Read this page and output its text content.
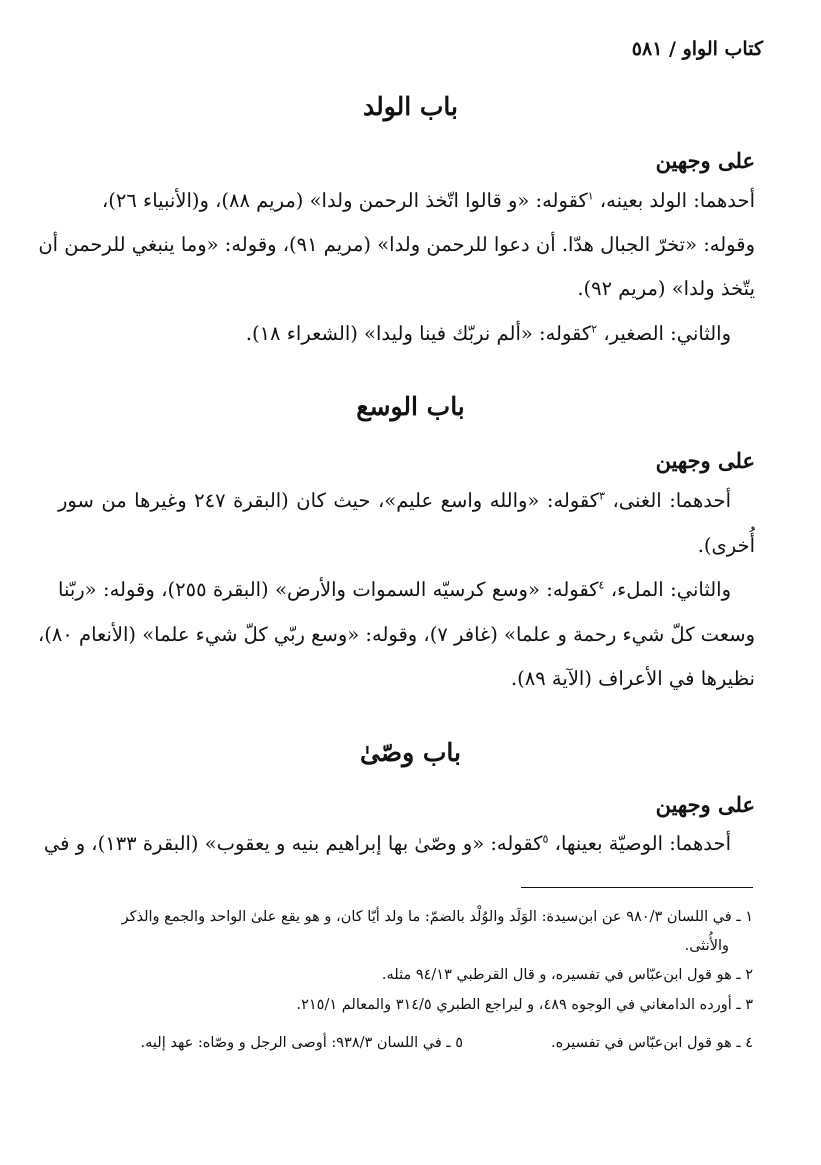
كتاب الواو / ٥٨١
باب الولد
على وجهين
أحدهما: الولد بعينه، $^١$كقوله: «و قالوا اتّخذ الرحمن ولدا» (مريم ٨٨)، و(الأنبياء ٢٦)،
وقوله: «تخرّ الجبال هدّا. أن دعوا للرحمن ولدا» (مريم ٩١)، وقوله: «وما ينبغي للرحمن أن
يتّخذ ولدا» (مريم ٩٢).
والثاني: الصغير، $^٢$كقوله: «ألم نربّك فينا وليدا» (الشعراء ١٨).
باب الوسع
على وجهين
أحدهما: الغنى، $^٣$كقوله: «والله واسع عليم»، حيث كان (البقرة ٢٤٧ وغيرها من سور
أُخرى).
والثاني: الملء، $^٤$كقوله: «وسع كرسيّه السموات والأرض» (البقرة ٢٥٥)، وقوله: «ربّنا
وسعت كلّ شيء رحمة و علما» (غافر ٧)، وقوله: «وسع ربّي كلّ شيء علما» (الأنعام ٨٠)،
نظيرها في الأعراف (الآية ٨٩).
باب وصّىٰ
على وجهين
أحدهما: الوصيّة بعينها، $^٥$كقوله: «و وصّىٰ بها إبراهيم بنيه و يعقوب» (البقرة ١٣٣)، و في
١ ـ في اللسان ٩٨٠/٣ عن ابن‌سيدة: الوَلَد والوُلْد بالضمّ: ما ولد أيّا كان، و هو يقع علىٰ الواحد والجمع والذكر
والأُنثى.
٢ ـ هو قول ابن‌عبّاس في تفسيره، و قال القرطبي ٩٤/١٣ مثله.
٣ ـ أورده الدامغاني في الوجوه ٤٨٩، و ليراجع الطبري ٣١٤/٥ والمعالم ٢١٥/١.
٤ ـ هو قول ابن‌عبّاس في تفسيره.
٥ ـ في اللسان ٩٣٨/٣: أوصى الرجل و وصّاه: عهد إليه.
